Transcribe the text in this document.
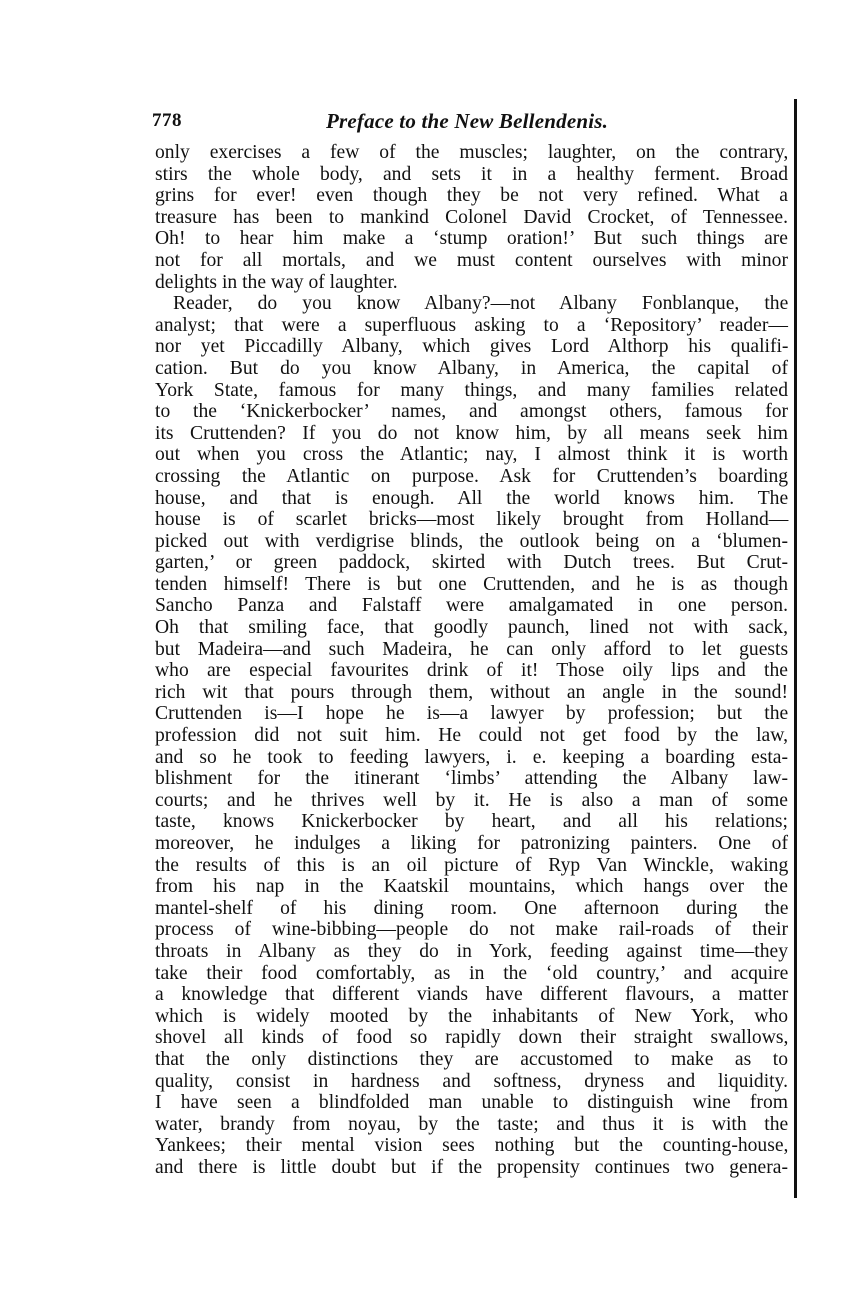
778	Preface to the New Bellendenis.
only exercises a few of the muscles; laughter, on the contrary,
stirs the whole body, and sets it in a healthy ferment. Broad
grins for ever! even though they be not very refined. What a
treasure has been to mankind Colonel David Crocket, of Tennessee.
Oh! to hear him make a ‘stump oration!’ But such things are
not for all mortals, and we must content ourselves with minor
delights in the way of laughter.
Reader, do you know Albany?—not Albany Fonblanque, the
analyst; that were a superfluous asking to a ‘Repository’ reader—
nor yet Piccadilly Albany, which gives Lord Althorp his qualifi-
cation. But do you know Albany, in America, the capital of
York State, famous for many things, and many families related
to the ‘Knickerbocker’ names, and amongst others, famous for
its Cruttenden? If you do not know him, by all means seek him
out when you cross the Atlantic; nay, I almost think it is worth
crossing the Atlantic on purpose. Ask for Cruttenden’s boarding
house, and that is enough. All the world knows him. The
house is of scarlet bricks—most likely brought from Holland—
picked out with verdigrise blinds, the outlook being on a ‘blumen-
garten,’ or green paddock, skirted with Dutch trees. But Crut-
tenden himself! There is but one Cruttenden, and he is as though
Sancho Panza and Falstaff were amalgamated in one person.
Oh that smiling face, that goodly paunch, lined not with sack,
but Madeira—and such Madeira, he can only afford to let guests
who are especial favourites drink of it! Those oily lips and the
rich wit that pours through them, without an angle in the sound!
Cruttenden is—I hope he is—a lawyer by profession; but the
profession did not suit him. He could not get food by the law,
and so he took to feeding lawyers, i. e. keeping a boarding esta-
blishment for the itinerant ‘limbs’ attending the Albany law-
courts; and he thrives well by it. He is also a man of some
taste, knows Knickerbocker by heart, and all his relations;
moreover, he indulges a liking for patronizing painters. One of
the results of this is an oil picture of Ryp Van Winckle, waking
from his nap in the Kaatskil mountains, which hangs over the
mantel-shelf of his dining room. One afternoon during the
process of wine-bibbing—people do not make rail-roads of their
throats in Albany as they do in York, feeding against time—they
take their food comfortably, as in the ‘old country,’ and acquire
a knowledge that different viands have different flavours, a matter
which is widely mooted by the inhabitants of New York, who
shovel all kinds of food so rapidly down their straight swallows,
that the only distinctions they are accustomed to make as to
quality, consist in hardness and softness, dryness and liquidity.
I have seen a blindfolded man unable to distinguish wine from
water, brandy from noyau, by the taste; and thus it is with the
Yankees; their mental vision sees nothing but the counting-house,
and there is little doubt but if the propensity continues two genera-
